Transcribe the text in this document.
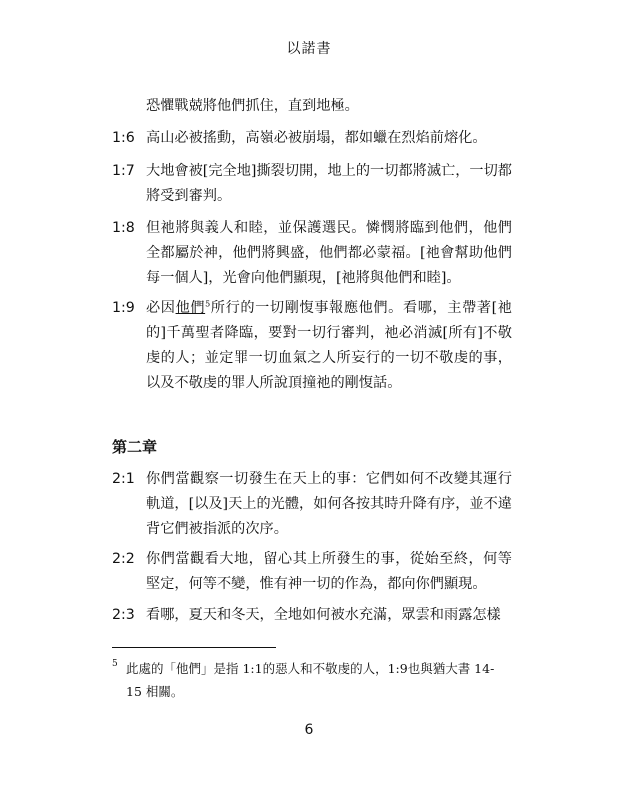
以諾書
恐懼戰兢將他們抓住，直到地極。
1:6 高山必被搖動，高嶺必被崩塌，都如蠟在烈焰前熔化。
1:7 大地會被[完全地]撕裂切開，地上的一切都將滅亡，一切都將受到審判。
1:8 但祂將與義人和睦，並保護選民。憐憫將臨到他們，他們全都屬於神，他們將興盛，他們都必蒙福。[祂會幫助他們每一個人]，光會向他們顯現，[祂將與他們和睦]。
1:9 必因他們$^5$所行的一切剛愎事報應他們。看哪，主帶著[祂的]千萬聖者降臨，要對一切行審判，祂必消滅[所有]不敬虔的人；並定罪一切血氣之人所妄行的一切不敬虔的事，以及不敬虔的罪人所說頂撞祂的剛愎話。
第二章
2:1 你們當觀察一切發生在天上的事：它們如何不改變其運行軌道，[以及]天上的光體，如何各按其時升降有序，並不違背它們被指派的次序。
2:2 你們當觀看大地，留心其上所發生的事，從始至終，何等堅定，何等不變，惟有神一切的作為，都向你們顯現。
2:3 看哪，夏天和冬天，全地如何被水充滿，眾雲和雨露怎樣
5 此處的「他們」是指 1:1的惡人和不敬虔的人，1:9也與猶大書 14-
15 相關。
6
